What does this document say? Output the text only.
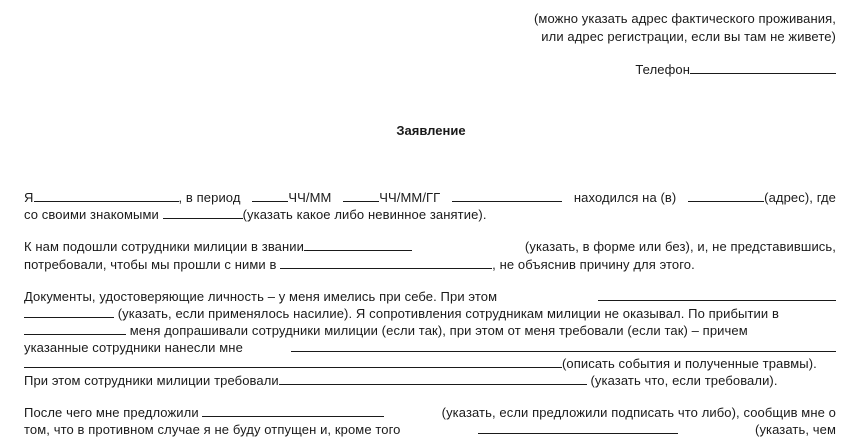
(можно указать адрес фактического проживания,
или адрес регистрации, если вы там не живете)
Телефон
Заявление
Я	, в период	ЧЧ/ММ	ЧЧ/ММ/ГГ	находился на (в)	(адрес), где
со своими знакомыми	(указать какое либо невинное занятие).
К нам подошли сотрудники милиции в звании	(указать, в форме или без), и, не представившись,
потребовали, чтобы мы прошли с ними в	, не объяснив причину для этого.
Документы, удостоверяющие личность – у меня имелись при себе. При этом
(указать, если применялось насилие). Я сопротивления сотрудникам милиции не оказывал. По прибытии в
меня допрашивали сотрудники милиции (если так), при этом от меня требовали (если так) – причем
указанные сотрудники нанесли мне
(описать события и полученные травмы).
При этом сотрудники милиции требовали	(указать что, если требовали).
После чего мне предложили	(указать, если предложили подписать что либо), сообщив мне о
том, что в противном случае я не буду отпущен и, кроме того	(указать, чем
